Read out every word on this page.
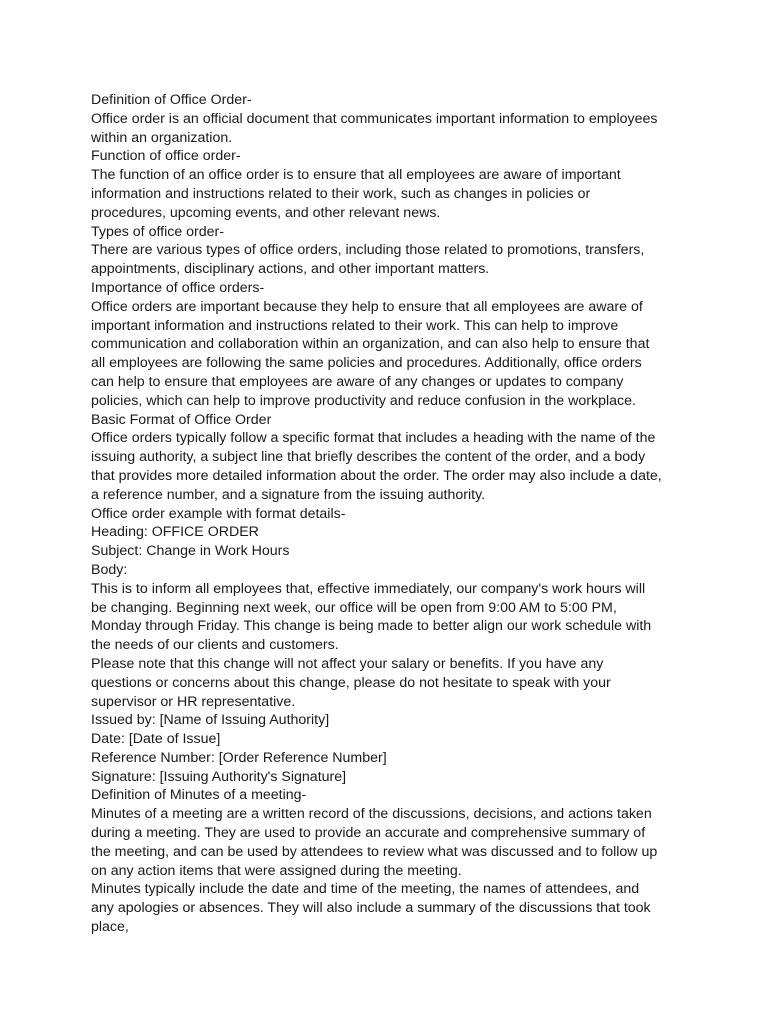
Definition of Office Order-

Office order is an official document that communicates important information to employees within an organization.

Function of office order-

The function of an office order is to ensure that all employees are aware of important information and instructions related to their work, such as changes in policies or procedures, upcoming events, and other relevant news.

Types of office order-

There are various types of office orders, including those related to promotions, transfers, appointments, disciplinary actions, and other important matters.

Importance of office orders-

Office orders are important because they help to ensure that all employees are aware of important information and instructions related to their work. This can help to improve communication and collaboration within an organization, and can also help to ensure that all employees are following the same policies and procedures. Additionally, office orders can help to ensure that employees are aware of any changes or updates to company policies, which can help to improve productivity and reduce confusion in the workplace.

Basic Format of Office Order

Office orders typically follow a specific format that includes a heading with the name of the issuing authority, a subject line that briefly describes the content of the order, and a body that provides more detailed information about the order. The order may also include a date, a reference number, and a signature from the issuing authority.

Office order example with format details-

Heading: OFFICE ORDER

Subject: Change in Work Hours

Body:

This is to inform all employees that, effective immediately, our company's work hours will be changing. Beginning next week, our office will be open from 9:00 AM to 5:00 PM, Monday through Friday. This change is being made to better align our work schedule with the needs of our clients and customers.

Please note that this change will not affect your salary or benefits. If you have any questions or concerns about this change, please do not hesitate to speak with your supervisor or HR representative.

Issued by: [Name of Issuing Authority]

Date: [Date of Issue]

Reference Number: [Order Reference Number]

Signature: [Issuing Authority's Signature]

Definition of Minutes of a meeting-

Minutes of a meeting are a written record of the discussions, decisions, and actions taken during a meeting. They are used to provide an accurate and comprehensive summary of the meeting, and can be used by attendees to review what was discussed and to follow up on any action items that were assigned during the meeting.

Minutes typically include the date and time of the meeting, the names of attendees, and any apologies or absences. They will also include a summary of the discussions that took place,
